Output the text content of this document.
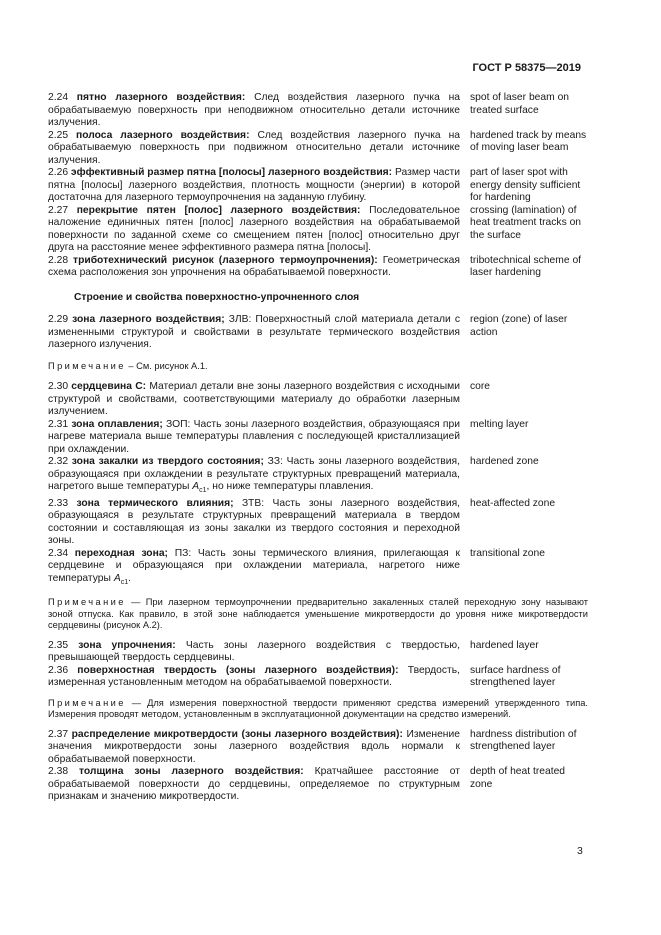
ГОСТ Р 58375—2019
2.24 пятно лазерного воздействия: След воздействия лазерного пучка на обрабатываемую поверхность при неподвижном относительно детали источнике излучения.
spot of laser beam on treated surface
2.25 полоса лазерного воздействия: След воздействия лазерного пучка на обрабатываемую поверхность при подвижном относительно детали источнике излучения.
hardened track by means of moving laser beam
2.26 эффективный размер пятна [полосы] лазерного воздействия: Размер части пятна [полосы] лазерного воздействия, плотность мощности (энергии) в которой достаточна для лазерного термоупрочнения на заданную глубину.
part of laser spot with energy density sufficient for hardening
2.27 перекрытие пятен [полос] лазерного воздействия: Последовательное наложение единичных пятен [полос] лазерного воздействия на обрабатываемой поверхности по заданной схеме со смещением пятен [полос] относительно друг друга на расстояние менее эффективного размера пятна [полосы].
crossing (lamination) of heat treatment tracks on the surface
2.28 триботехнический рисунок (лазерного термоупрочнения): Геометрическая схема расположения зон упрочнения на обрабатываемой поверхности.
tribotechnical scheme of laser hardening
Строение и свойства поверхностно-упрочненного слоя
2.29 зона лазерного воздействия; ЗЛВ: Поверхностный слой материала детали с измененными структурой и свойствами в результате термического воздействия лазерного излучения.
region (zone) of laser action
Примечание – См. рисунок А.1.
2.30 сердцевина С: Материал детали вне зоны лазерного воздействия с исходными структурой и свойствами, соответствующими материалу до обработки лазерным излучением.
core
2.31 зона оплавления; ЗОП: Часть зоны лазерного воздействия, образующаяся при нагреве материала выше температуры плавления с последующей кристаллизацией при охлаждении.
melting layer
2.32 зона закалки из твердого состояния; ЗЗ: Часть зоны лазерного воздействия, образующаяся при охлаждении в результате структурных превращений материала, нагретого выше температуры $A_{c1}$, но ниже температуры плавления.
hardened zone
2.33 зона термического влияния; ЗТВ: Часть зоны лазерного воздействия, образующаяся в результате структурных превращений материала в твердом состоянии и составляющая из зоны закалки из твердого состояния и переходной зоны.
heat-affected zone
2.34 переходная зона; ПЗ: Часть зоны термического влияния, прилегающая к сердцевине и образующаяся при охлаждении материала, нагретого ниже температуры $A_{c1}$.
transitional zone
Примечание — При лазерном термоупрочнении предварительно закаленных сталей переходную зону называют зоной отпуска. Как правило, в этой зоне наблюдается уменьшение микротвердости до уровня ниже микротвердости сердцевины (рисунок А.2).
2.35 зона упрочнения: Часть зоны лазерного воздействия с твердостью, превышающей твердость сердцевины.
hardened layer
2.36 поверхностная твердость (зоны лазерного воздействия): Твердость, измеренная установленным методом на обрабатываемой поверхности.
surface hardness of strengthened layer
Примечание — Для измерения поверхностной твердости применяют средства измерений утвержденного типа. Измерения проводят методом, установленным в эксплуатационной документации на средство измерений.
2.37 распределение микротвердости (зоны лазерного воздействия): Изменение значения микротвердости зоны лазерного воздействия вдоль нормали к обрабатываемой поверхности.
hardness distribution of strengthened layer
2.38 толщина зоны лазерного воздействия: Кратчайшее расстояние от обрабатываемой поверхности до сердцевины, определяемое по структурным признакам и значению микротвердости.
depth of heat treated zone
3
